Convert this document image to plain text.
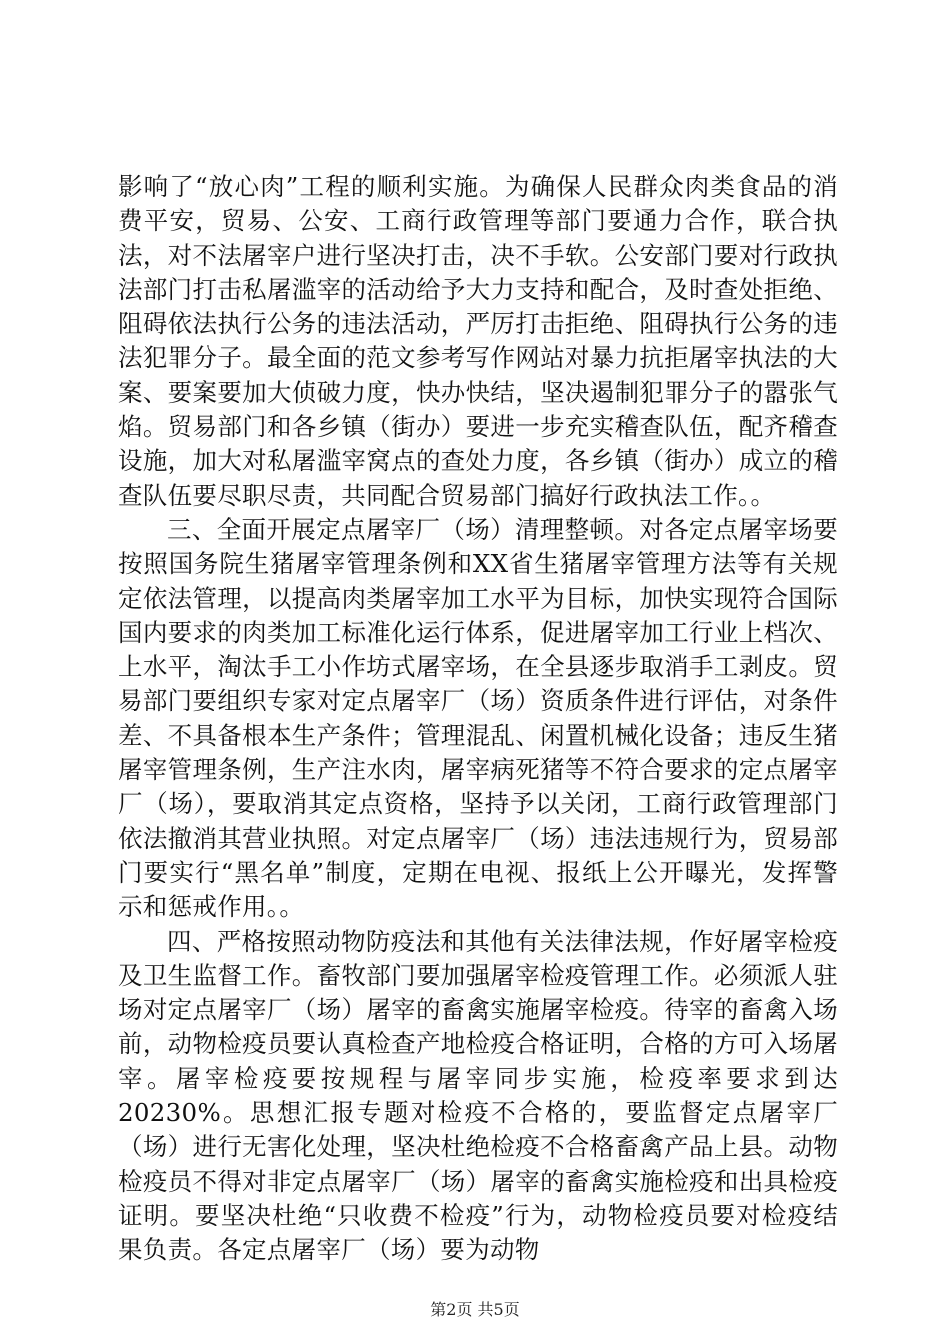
影响了“放心肉”工程的顺利实施。为确保人民群众肉类食品的消费平安，贸易、公安、工商行政管理等部门要通力合作，联合执法，对不法屠宰户进行坚决打击，决不手软。公安部门要对行政执法部门打击私屠滥宰的活动给予大力支持和配合，及时查处拒绝、阻碍依法执行公务的违法活动，严厉打击拒绝、阻碍执行公务的违法犯罪分子。最全面的范文参考写作网站对暴力抗拒屠宰执法的大案、要案要加大侦破力度，快办快结，坚决遏制犯罪分子的嚣张气焰。贸易部门和各乡镇（街办）要进一步充实稽查队伍，配齐稽查设施，加大对私屠滥宰窝点的查处力度，各乡镇（街办）成立的稽查队伍要尽职尽责，共同配合贸易部门搞好行政执法工作。。

三、全面开展定点屠宰厂（场）清理整顿。对各定点屠宰场要按照国务院生猪屠宰管理条例和XX省生猪屠宰管理方法等有关规定依法管理，以提高肉类屠宰加工水平为目标，加快实现符合国际国内要求的肉类加工标准化运行体系，促进屠宰加工行业上档次、上水平，淘汰手工小作坊式屠宰场，在全县逐步取消手工剥皮。贸易部门要组织专家对定点屠宰厂（场）资质条件进行评估，对条件差、不具备根本生产条件；管理混乱、闲置机械化设备；违反生猪屠宰管理条例，生产注水肉，屠宰病死猪等不符合要求的定点屠宰厂（场），要取消其定点资格，坚持予以关闭，工商行政管理部门依法撤消其营业执照。对定点屠宰厂（场）违法违规行为，贸易部门要实行“黑名单”制度，定期在电视、报纸上公开曝光，发挥警示和惩戒作用。。

四、严格按照动物防疫法和其他有关法律法规，作好屠宰检疫及卫生监督工作。畜牧部门要加强屠宰检疫管理工作。必须派人驻场对定点屠宰厂（场）屠宰的畜禽实施屠宰检疫。待宰的畜禽入场前，动物检疫员要认真检查产地检疫合格证明，合格的方可入场屠宰。屠宰检疫要按规程与屠宰同步实施，检疫率要求到达20230%。思想汇报专题对检疫不合格的，要监督定点屠宰厂（场）进行无害化处理，坚决杜绝检疫不合格畜禽产品上县。动物检疫员不得对非定点屠宰厂（场）屠宰的畜禽实施检疫和出具检疫证明。要坚决杜绝“只收费不检疫”行为，动物检疫员要对检疫结果负责。各定点屠宰厂（场）要为动物

第2页 共5页
